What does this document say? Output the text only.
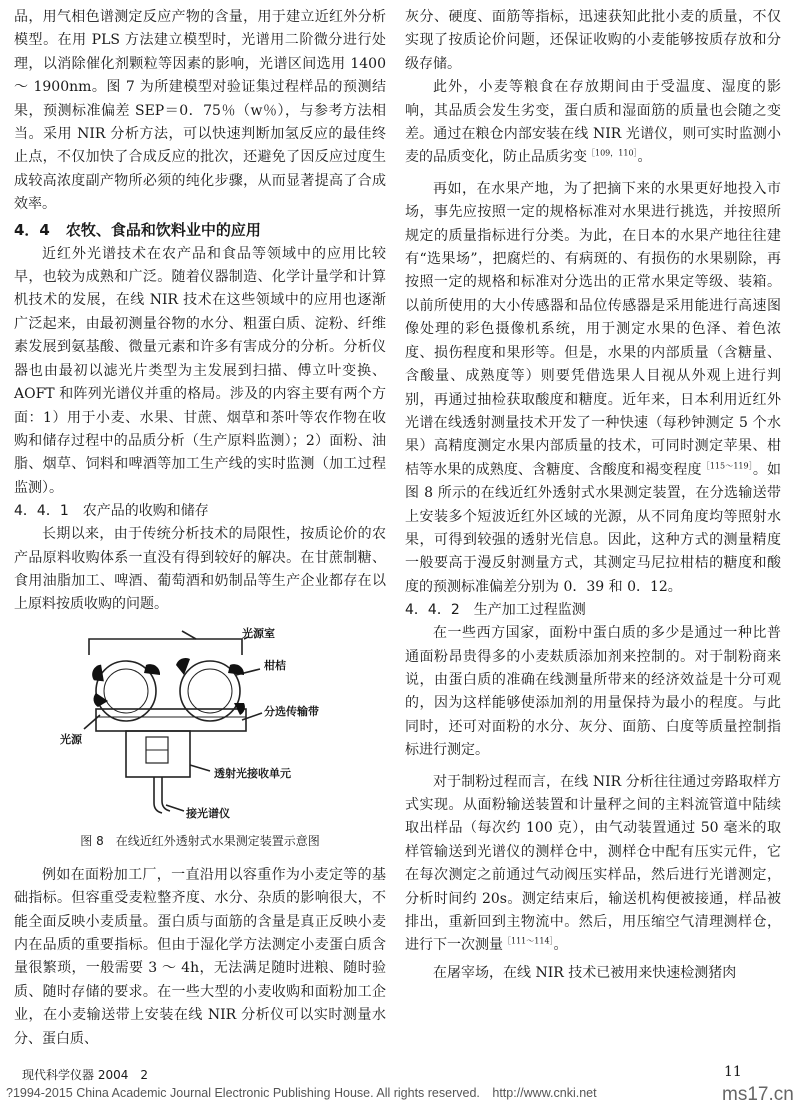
品，用气相色谱测定反应产物的含量，用于建立近红外分析模型。在用 PLS 方法建立模型时，光谱用二阶微分进行处理，以消除催化剂颗粒等因素的影响，光谱区间选用 1400 ～ 1900nm。图 7 为所建模型对验证集过程样品的预测结果，预测标准偏差 SEP＝0．75％（w％），与参考方法相当。采用 NIR 分析方法，可以快速判断加氢反应的最佳终止点，不仅加快了合成反应的批次，还避免了因反应过度生成较高浓度副产物所必须的纯化步骤，从而显著提高了合成效率。

4．4 农牧、食品和饮料业中的应用

近红外光谱技术在农产品和食品等领域中的应用比较早，也较为成熟和广泛。随着仪器制造、化学计量学和计算机技术的发展，在线 NIR 技术在这些领域中的应用也逐渐广泛起来，由最初测量谷物的水分、粗蛋白质、淀粉、纤维素发展到氨基酸、微量元素和许多有害成分的分析。分析仪器也由最初以滤光片类型为主发展到扫描、傅立叶变换、AOFT 和阵列光谱仪并重的格局。涉及的内容主要有两个方面：1）用于小麦、水果、甘蔗、烟草和茶叶等农作物在收购和储存过程中的品质分析（生产原料监测）；2）面粉、油脂、烟草、饲料和啤酒等加工生产线的实时监测（加工过程监测）。

4．4．1 农产品的收购和储存

长期以来，由于传统分析技术的局限性，按质论价的农产品原料收购体系一直没有得到较好的解决。在甘蔗制糖、食用油脂加工、啤酒、葡萄酒和奶制品等生产企业都存在以上原料按质收购的问题。

光源室
柑桔
分选传输带
光源
透射光接收单元
接光谱仪
图 8　在线近红外透射式水果测定装置示意图

例如在面粉加工厂，一直沿用以容重作为小麦定等的基础指标。但容重受麦粒整齐度、水分、杂质的影响很大，不能全面反映小麦质量。蛋白质与面筋的含量是真正反映小麦内在品质的重要指标。但由于湿化学方法测定小麦蛋白质含量很繁琐，一般需要 3 ～ 4h，无法满足随时进粮、随时验质、随时存储的要求。在一些大型的小麦收购和面粉加工企业，在小麦输送带上安装在线 NIR 分析仪可以实时测量水分、蛋白质、

灰分、硬度、面筋等指标，迅速获知此批小麦的质量，不仅实现了按质论价问题，还保证收购的小麦能够按质存放和分级存储。

此外，小麦等粮食在存放期间由于受温度、湿度的影响，其品质会发生劣变，蛋白质和湿面筋的质量也会随之变差。通过在粮仓内部安装在线 NIR 光谱仪，则可实时监测小麦的品质变化，防止品质劣变$^{[109,110]}$。

再如，在水果产地，为了把摘下来的水果更好地投入市场，事先应按照一定的规格标准对水果进行挑选，并按照所规定的质量指标进行分类。为此，在日本的水果产地往往建有“选果场”，把腐烂的、有病斑的、有损伤的水果剔除，再按照一定的规格和标准对分选出的正常水果定等级、装箱。以前所使用的大小传感器和品位传感器是采用能进行高速图像处理的彩色摄像机系统，用于测定水果的色泽、着色浓度、损伤程度和果形等。但是，水果的内部质量（含糖量、含酸量、成熟度等）则要凭借选果人目视从外观上进行判别，再通过抽检获取酸度和糖度。近年来，日本利用近红外光谱在线透射测量技术开发了一种快速（每秒钟测定 5 个水果）高精度测定水果内部质量的技术，可同时测定苹果、柑桔等水果的成熟度、含糖度、含酸度和褐变程度$^{[115\sim 119]}$。如图 8 所示的在线近红外透射式水果测定装置，在分选输送带上安装多个短波近红外区域的光源，从不同角度均等照射水果，可得到较强的透射光信息。因此，这种方式的测量精度一般要高于漫反射测量方式，其测定马尼拉柑桔的糖度和酸度的预测标准偏差分别为 0．39 和 0．12。

4．4．2 生产加工过程监测

在一些西方国家，面粉中蛋白质的多少是通过一种比普通面粉昂贵得多的小麦麸质添加剂来控制的。对于制粉商来说，由蛋白质的准确在线测量所带来的经济效益是十分可观的，因为这样能够使添加剂的用量保持为最小的程度。与此同时，还可对面粉的水分、灰分、面筋、白度等质量控制指标进行测定。

对于制粉过程而言，在线 NIR 分析往往通过旁路取样方式实现。从面粉输送装置和计量秤之间的主料流管道中陆续取出样品（每次约 100 克），由气动装置通过 50 毫米的取样管输送到光谱仪的测样仓中，测样仓中配有压实元件，它在每次测定之前通过气动阀压实样品，然后进行光谱测定，分析时间约 20s。测定结束后，输送机构便被接通，样品被排出，重新回到主物流中。然后，用压缩空气清理测样仓，进行下一次测量$^{[111\sim 114]}$。

在屠宰场，在线 NIR 技术已被用来快速检测猪肉

现代科学仪器 2004　2	11
?1994-2015 China Academic Journal Electronic Publishing House. All rights reserved.　http://www.cnki.net	ms17.cn
